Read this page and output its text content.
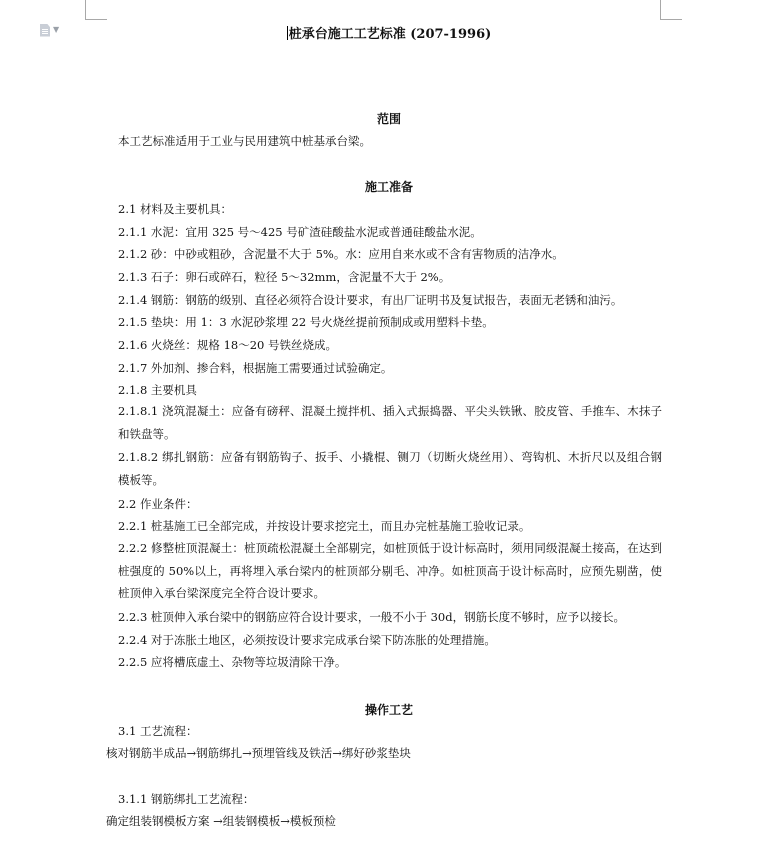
▼	桩承台施工工艺标准 (207-1996)
范围
本工艺标准适用于工业与民用建筑中桩基承台梁。
施工准备
2.1 材料及主要机具：
2.1.1 水泥：宜用 325 号～425 号矿渣硅酸盐水泥或普通硅酸盐水泥。
2.1.2 砂：中砂或粗砂，含泥量不大于 5%。水：应用自来水或不含有害物质的洁净水。
2.1.3 石子：卵石或碎石，粒径 5～32mm，含泥量不大于 2%。
2.1.4 钢筋：钢筋的级别、直径必须符合设计要求，有出厂证明书及复试报告，表面无老锈和油污。
2.1.5 垫块：用 1：3 水泥砂浆埋 22 号火烧丝提前预制成或用塑料卡垫。
2.1.6 火烧丝：规格 18～20 号铁丝烧成。
2.1.7 外加剂、掺合料，根据施工需要通过试验确定。
2.1.8 主要机具
2.1.8.1 浇筑混凝土：应备有磅秤、混凝土搅拌机、插入式振捣器、平尖头铁锹、胶皮管、手推车、木抹子和铁盘等。
2.1.8.2 绑扎钢筋：应备有钢筋钩子、扳手、小撬棍、铡刀（切断火烧丝用）、弯钩机、木折尺以及组合钢模板等。
2.2 作业条件：
2.2.1 桩基施工已全部完成，并按设计要求挖完土，而且办完桩基施工验收记录。
2.2.2 修整桩顶混凝土：桩顶疏松混凝土全部剔完，如桩顶低于设计标高时，须用同级混凝土接高，在达到桩强度的 50%以上，再将埋入承台梁内的桩顶部分剔毛、冲净。如桩顶高于设计标高时，应预先剔凿，使桩顶伸入承台梁深度完全符合设计要求。
2.2.3 桩顶伸入承台梁中的钢筋应符合设计要求，一般不小于 30d，钢筋长度不够时，应予以接长。
2.2.4 对于冻胀土地区，必须按设计要求完成承台梁下防冻胀的处理措施。
2.2.5 应将槽底虚土、杂物等垃圾清除干净。
操作工艺
3.1 工艺流程：
核对钢筋半成品→钢筋绑扎→预埋管线及铁活→绑好砂浆垫块
3.1.1 钢筋绑扎工艺流程：
确定组装钢模板方案 →组装钢模板→模板预检
